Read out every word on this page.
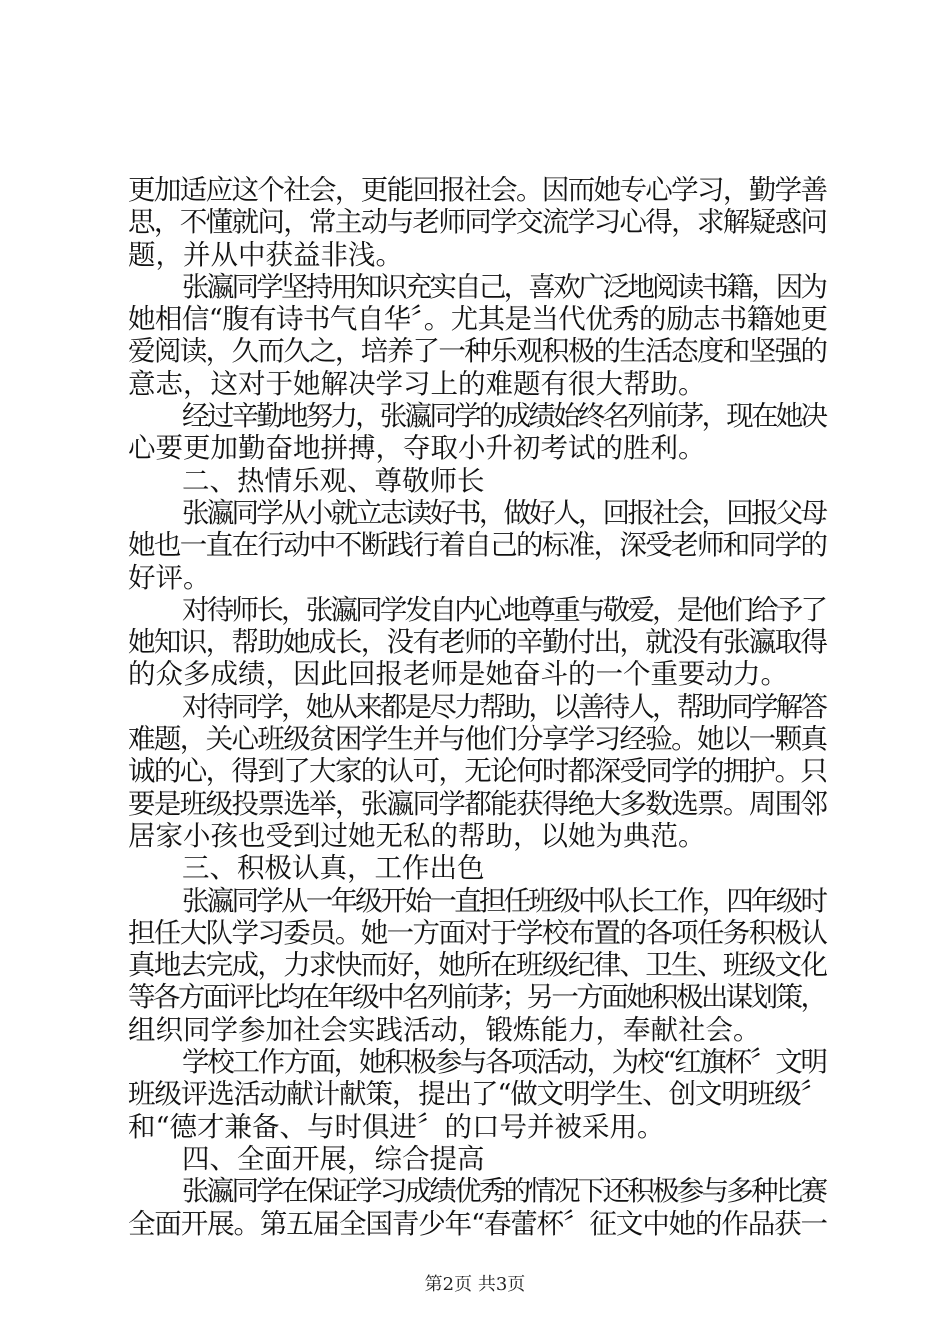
更加适应这个社会，更能回报社会。因而她专心学习，勤学善
思，不懂就问，常主动与老师同学交流学习心得，求解疑惑问
题，并从中获益非浅。
张瀛同学坚持用知识充实自己，喜欢广泛地阅读书籍，因为
她相信“腹有诗书气自华〞。尤其是当代优秀的励志书籍她更
爱阅读，久而久之，培养了一种乐观积极的生活态度和坚强的
意志，这对于她解决学习上的难题有很大帮助。
经过辛勤地努力，张瀛同学的成绩始终名列前茅，现在她决
心要更加勤奋地拼搏，夺取小升初考试的胜利。
二、热情乐观、尊敬师长
张瀛同学从小就立志读好书，做好人，回报社会，回报父母
她也一直在行动中不断践行着自己的标准，深受老师和同学的
好评。
对待师长，张瀛同学发自内心地尊重与敬爱，是他们给予了
她知识，帮助她成长，没有老师的辛勤付出，就没有张瀛取得
的众多成绩，因此回报老师是她奋斗的一个重要动力。
对待同学，她从来都是尽力帮助，以善待人，帮助同学解答
难题，关心班级贫困学生并与他们分享学习经验。她以一颗真
诚的心，得到了大家的认可，无论何时都深受同学的拥护。只
要是班级投票选举，张瀛同学都能获得绝大多数选票。周围邻
居家小孩也受到过她无私的帮助，以她为典范。
三、积极认真，工作出色
张瀛同学从一年级开始一直担任班级中队长工作，四年级时
担任大队学习委员。她一方面对于学校布置的各项任务积极认
真地去完成，力求快而好，她所在班级纪律、卫生、班级文化
等各方面评比均在年级中名列前茅；另一方面她积极出谋划策，
组织同学参加社会实践活动，锻炼能力，奉献社会。
学校工作方面，她积极参与各项活动，为校“红旗杯〞文明
班级评选活动献计献策，提出了“做文明学生、创文明班级〞
和“德才兼备、与时俱进〞的口号并被采用。
四、全面开展，综合提高
张瀛同学在保证学习成绩优秀的情况下还积极参与多种比赛
全面开展。第五届全国青少年“春蕾杯〞征文中她的作品获一
第2页 共3页
